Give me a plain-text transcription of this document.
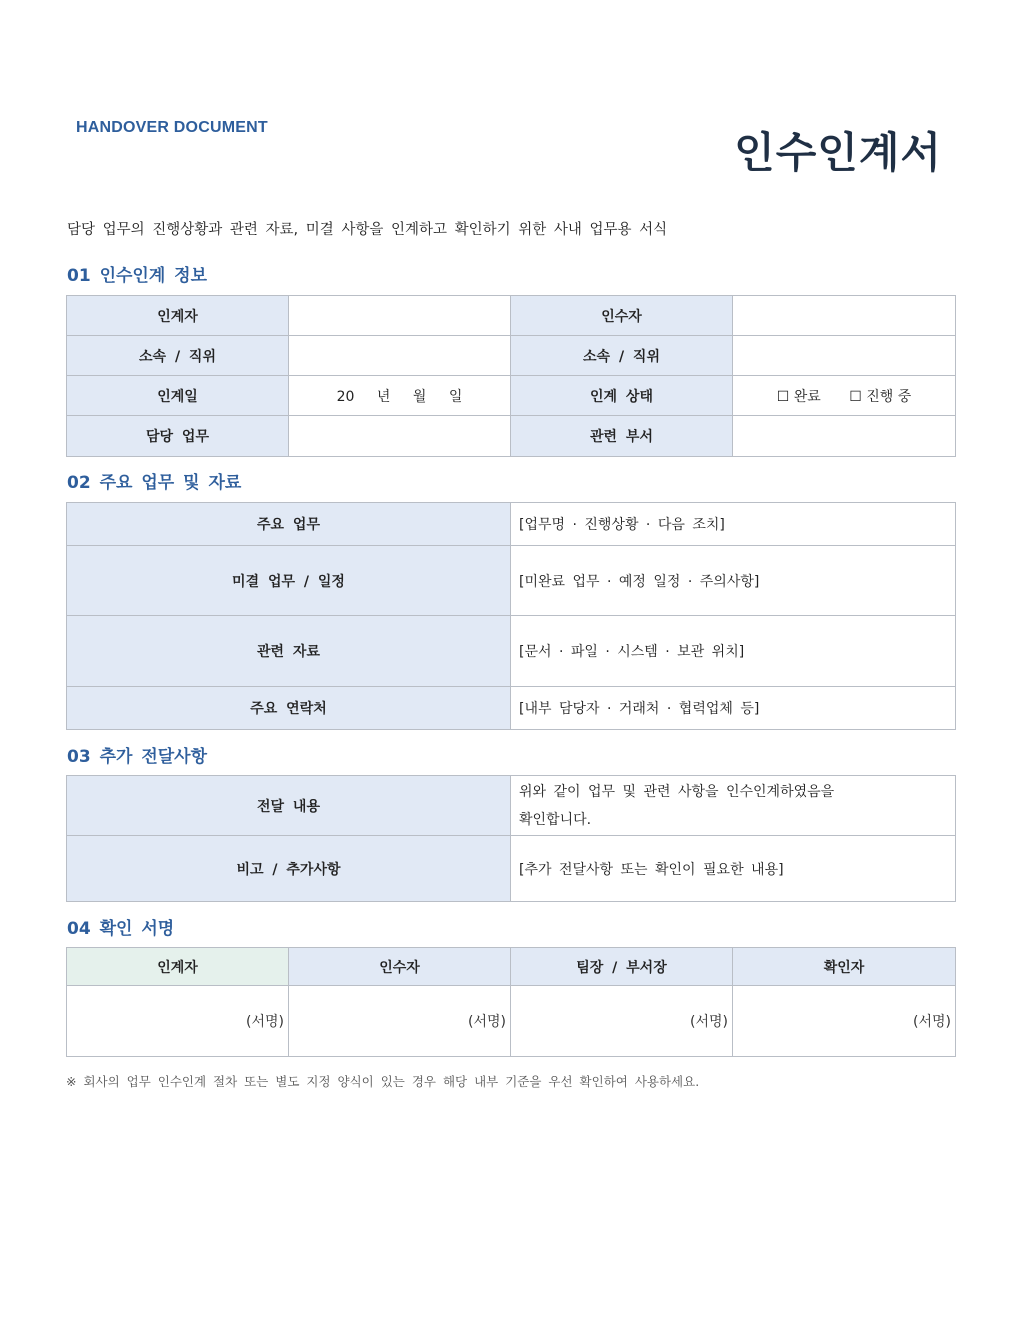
HANDOVER DOCUMENT
인수인계서
담당 업무의 진행상황과 관련 자료, 미결 사항을 인계하고 확인하기 위한 사내 업무용 서식
01 인수인계 정보
인계자		인수자	
소속 / 직위		소속 / 직위	
인계일	20 년 월 일	인계 상태	☐ 완료 ☐ 진행 중
담당 업무		관련 부서	
02 주요 업무 및 자료
주요 업무	[업무명 · 진행상황 · 다음 조치]
미결 업무 / 일정	[미완료 업무 · 예정 일정 · 주의사항]
관련 자료	[문서 · 파일 · 시스템 · 보관 위치]
주요 연락처	[내부 담당자 · 거래처 · 협력업체 등]
03 추가 전달사항
전달 내용	위와 같이 업무 및 관련 사항을 인수인계하였음을
확인합니다.

비고 / 추가사항	[추가 전달사항 또는 확인이 필요한 내용]
04 확인 서명
인계자	인수자	팀장 / 부서장	확인자
(서명)	(서명)	(서명)	(서명)
※ 회사의 업무 인수인계 절차 또는 별도 지정 양식이 있는 경우 해당 내부 기준을 우선 확인하여 사용하세요.
